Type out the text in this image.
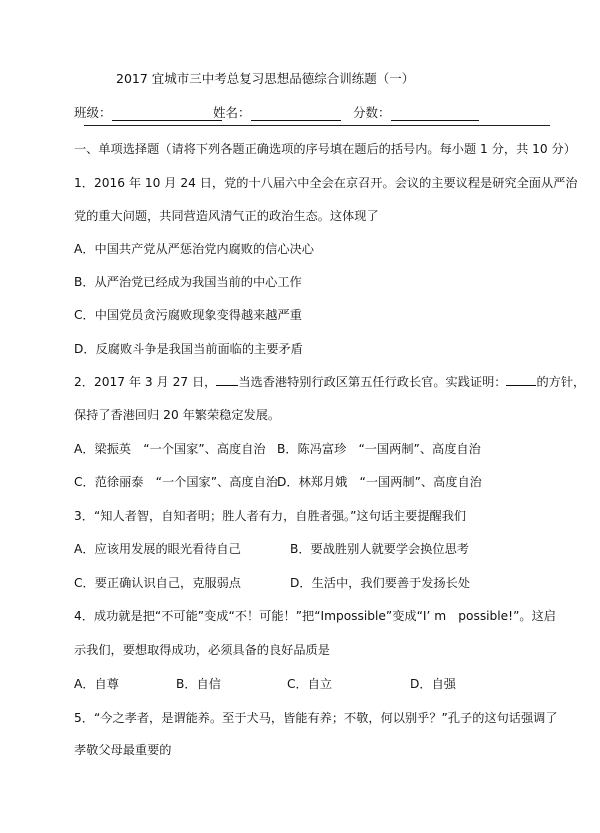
2017 宜城市三中考总复习思想品德综合训练题（一）
班级：	姓名：	分数：
一、单项选择题（请将下列各题正确选项的序号填在题后的括号内。每小题 1 分，共 10 分）
1．2016 年 10 月 24 日，党的十八届六中全会在京召开。会议的主要议程是研究全面从严治
党的重大问题，共同营造风清气正的政治生态。这体现了
A．中国共产党从严惩治党内腐败的信心决心
B．从严治党已经成为我国当前的中心工作
C．中国党员贪污腐败现象变得越来越严重
D．反腐败斗争是我国当前面临的主要矛盾
2．2017 年 3 月 27 日， 当选香港特别行政区第五任行政长官。实践证明： 的方针，
保持了香港回归 20 年繁荣稳定发展。
A．梁振英　“一个国家”、高度自治 B．陈冯富珍　“一国两制”、高度自治
C．范徐丽泰　“一个国家”、高度自治 D．林郑月娥　“一国两制”、高度自治
3．“知人者智，自知者明；胜人者有力，自胜者强。”这句话主要提醒我们
A．应该用发展的眼光看待自己	B．要战胜别人就要学会换位思考
C．要正确认识自己，克服弱点	D．生活中，我们要善于发扬长处
4．成功就是把“不可能”变成“不！可能！”把“Impossible”变成“I’ m　possible!”。这启
示我们，要想取得成功，必须具备的良好品质是
A．自尊	B．自信	C．自立	D．自强
5．“今之孝者，是谓能养。至于犬马，皆能有养；不敬，何以别乎？”孔子的这句话强调了
孝敬父母最重要的
